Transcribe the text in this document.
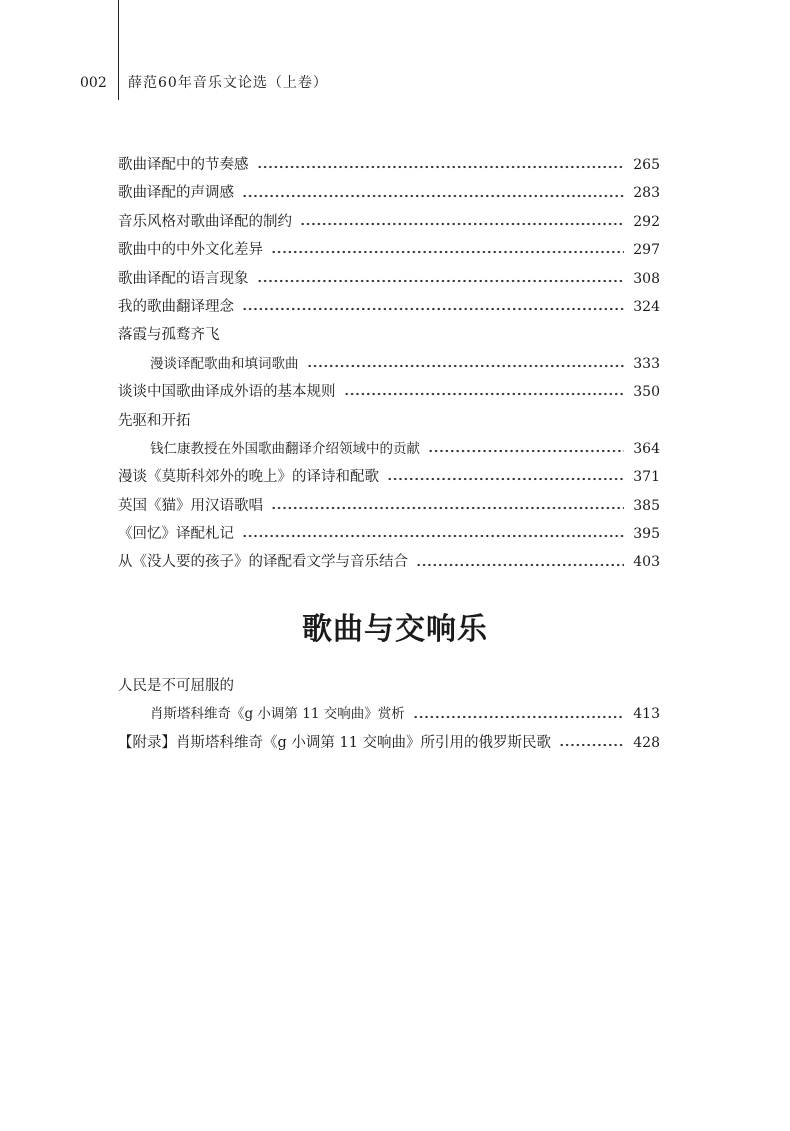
002 薛范60年音乐文论选（上卷）
歌曲译配中的节奏感	265
歌曲译配的声调感	283
音乐风格对歌曲译配的制约	292
歌曲中的中外文化差异	297
歌曲译配的语言现象	308
我的歌曲翻译理念	324
落霞与孤鹜齐飞
漫谈译配歌曲和填词歌曲	333
谈谈中国歌曲译成外语的基本规则	350
先驱和开拓
钱仁康教授在外国歌曲翻译介绍领域中的贡献	364
漫谈《莫斯科郊外的晚上》的译诗和配歌	371
英国《猫》用汉语歌唱	385
《回忆》译配札记	395
从《没人要的孩子》的译配看文学与音乐结合	403
歌曲与交响乐
人民是不可屈服的
肖斯塔科维奇《g 小调第 11 交响曲》赏析	413
【附录】肖斯塔科维奇《g 小调第 11 交响曲》所引用的俄罗斯民歌	428
